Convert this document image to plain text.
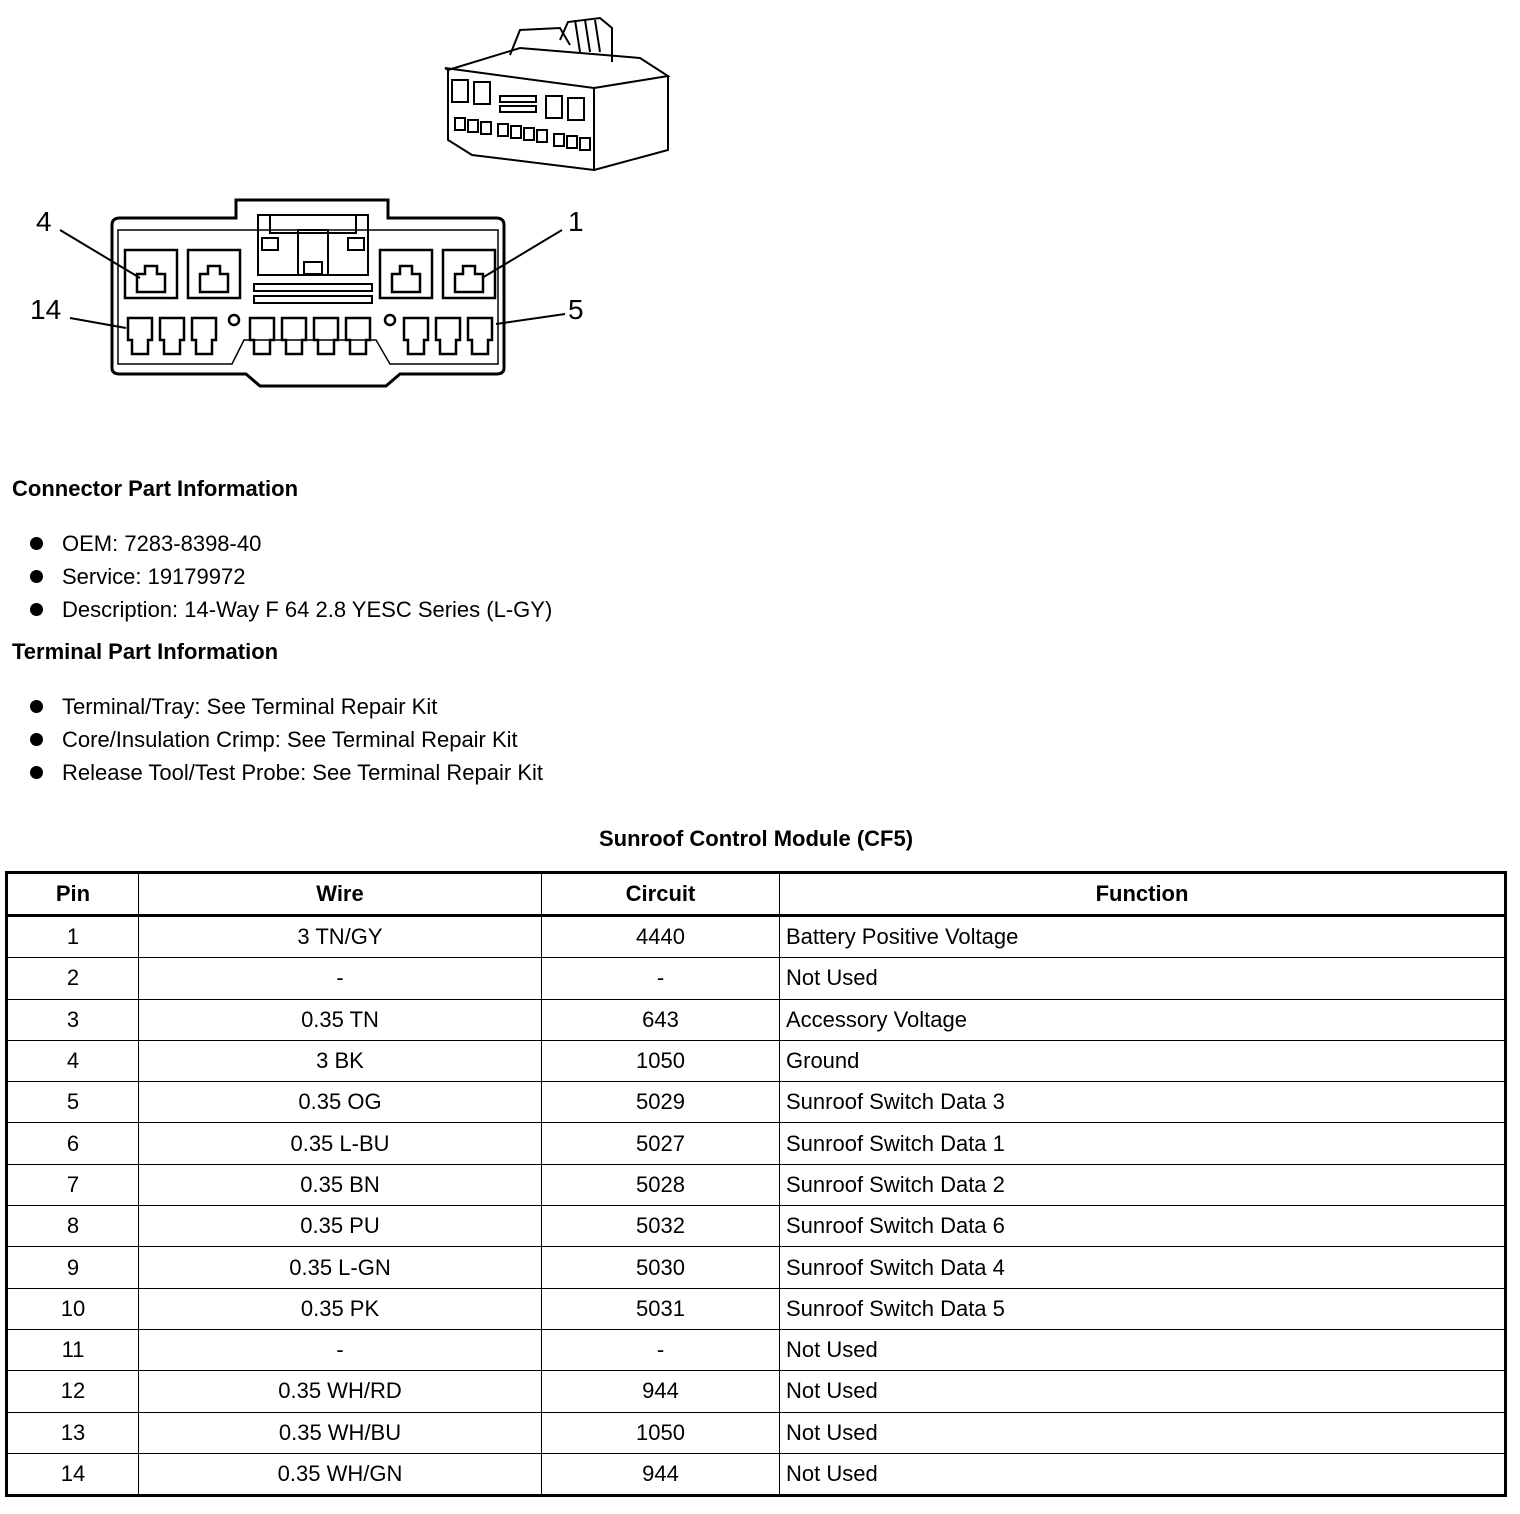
4	1
14	5
Connector Part Information
OEM: 7283-8398-40
Service: 19179972
Description: 14-Way F 64 2.8 YESC Series (L-GY)
Terminal Part Information
Terminal/Tray: See Terminal Repair Kit
Core/Insulation Crimp: See Terminal Repair Kit
Release Tool/Test Probe: See Terminal Repair Kit
Sunroof Control Module (CF5)
Pin	Wire	Circuit	Function
1	3 TN/GY	4440	Battery Positive Voltage
2	-	-	Not Used
3	0.35 TN	643	Accessory Voltage
4	3 BK	1050	Ground
5	0.35 OG	5029	Sunroof Switch Data 3
6	0.35 L-BU	5027	Sunroof Switch Data 1
7	0.35 BN	5028	Sunroof Switch Data 2
8	0.35 PU	5032	Sunroof Switch Data 6
9	0.35 L-GN	5030	Sunroof Switch Data 4
10	0.35 PK	5031	Sunroof Switch Data 5
11	-	-	Not Used
12	0.35 WH/RD	944	Not Used
13	0.35 WH/BU	1050	Not Used
14	0.35 WH/GN	944	Not Used
